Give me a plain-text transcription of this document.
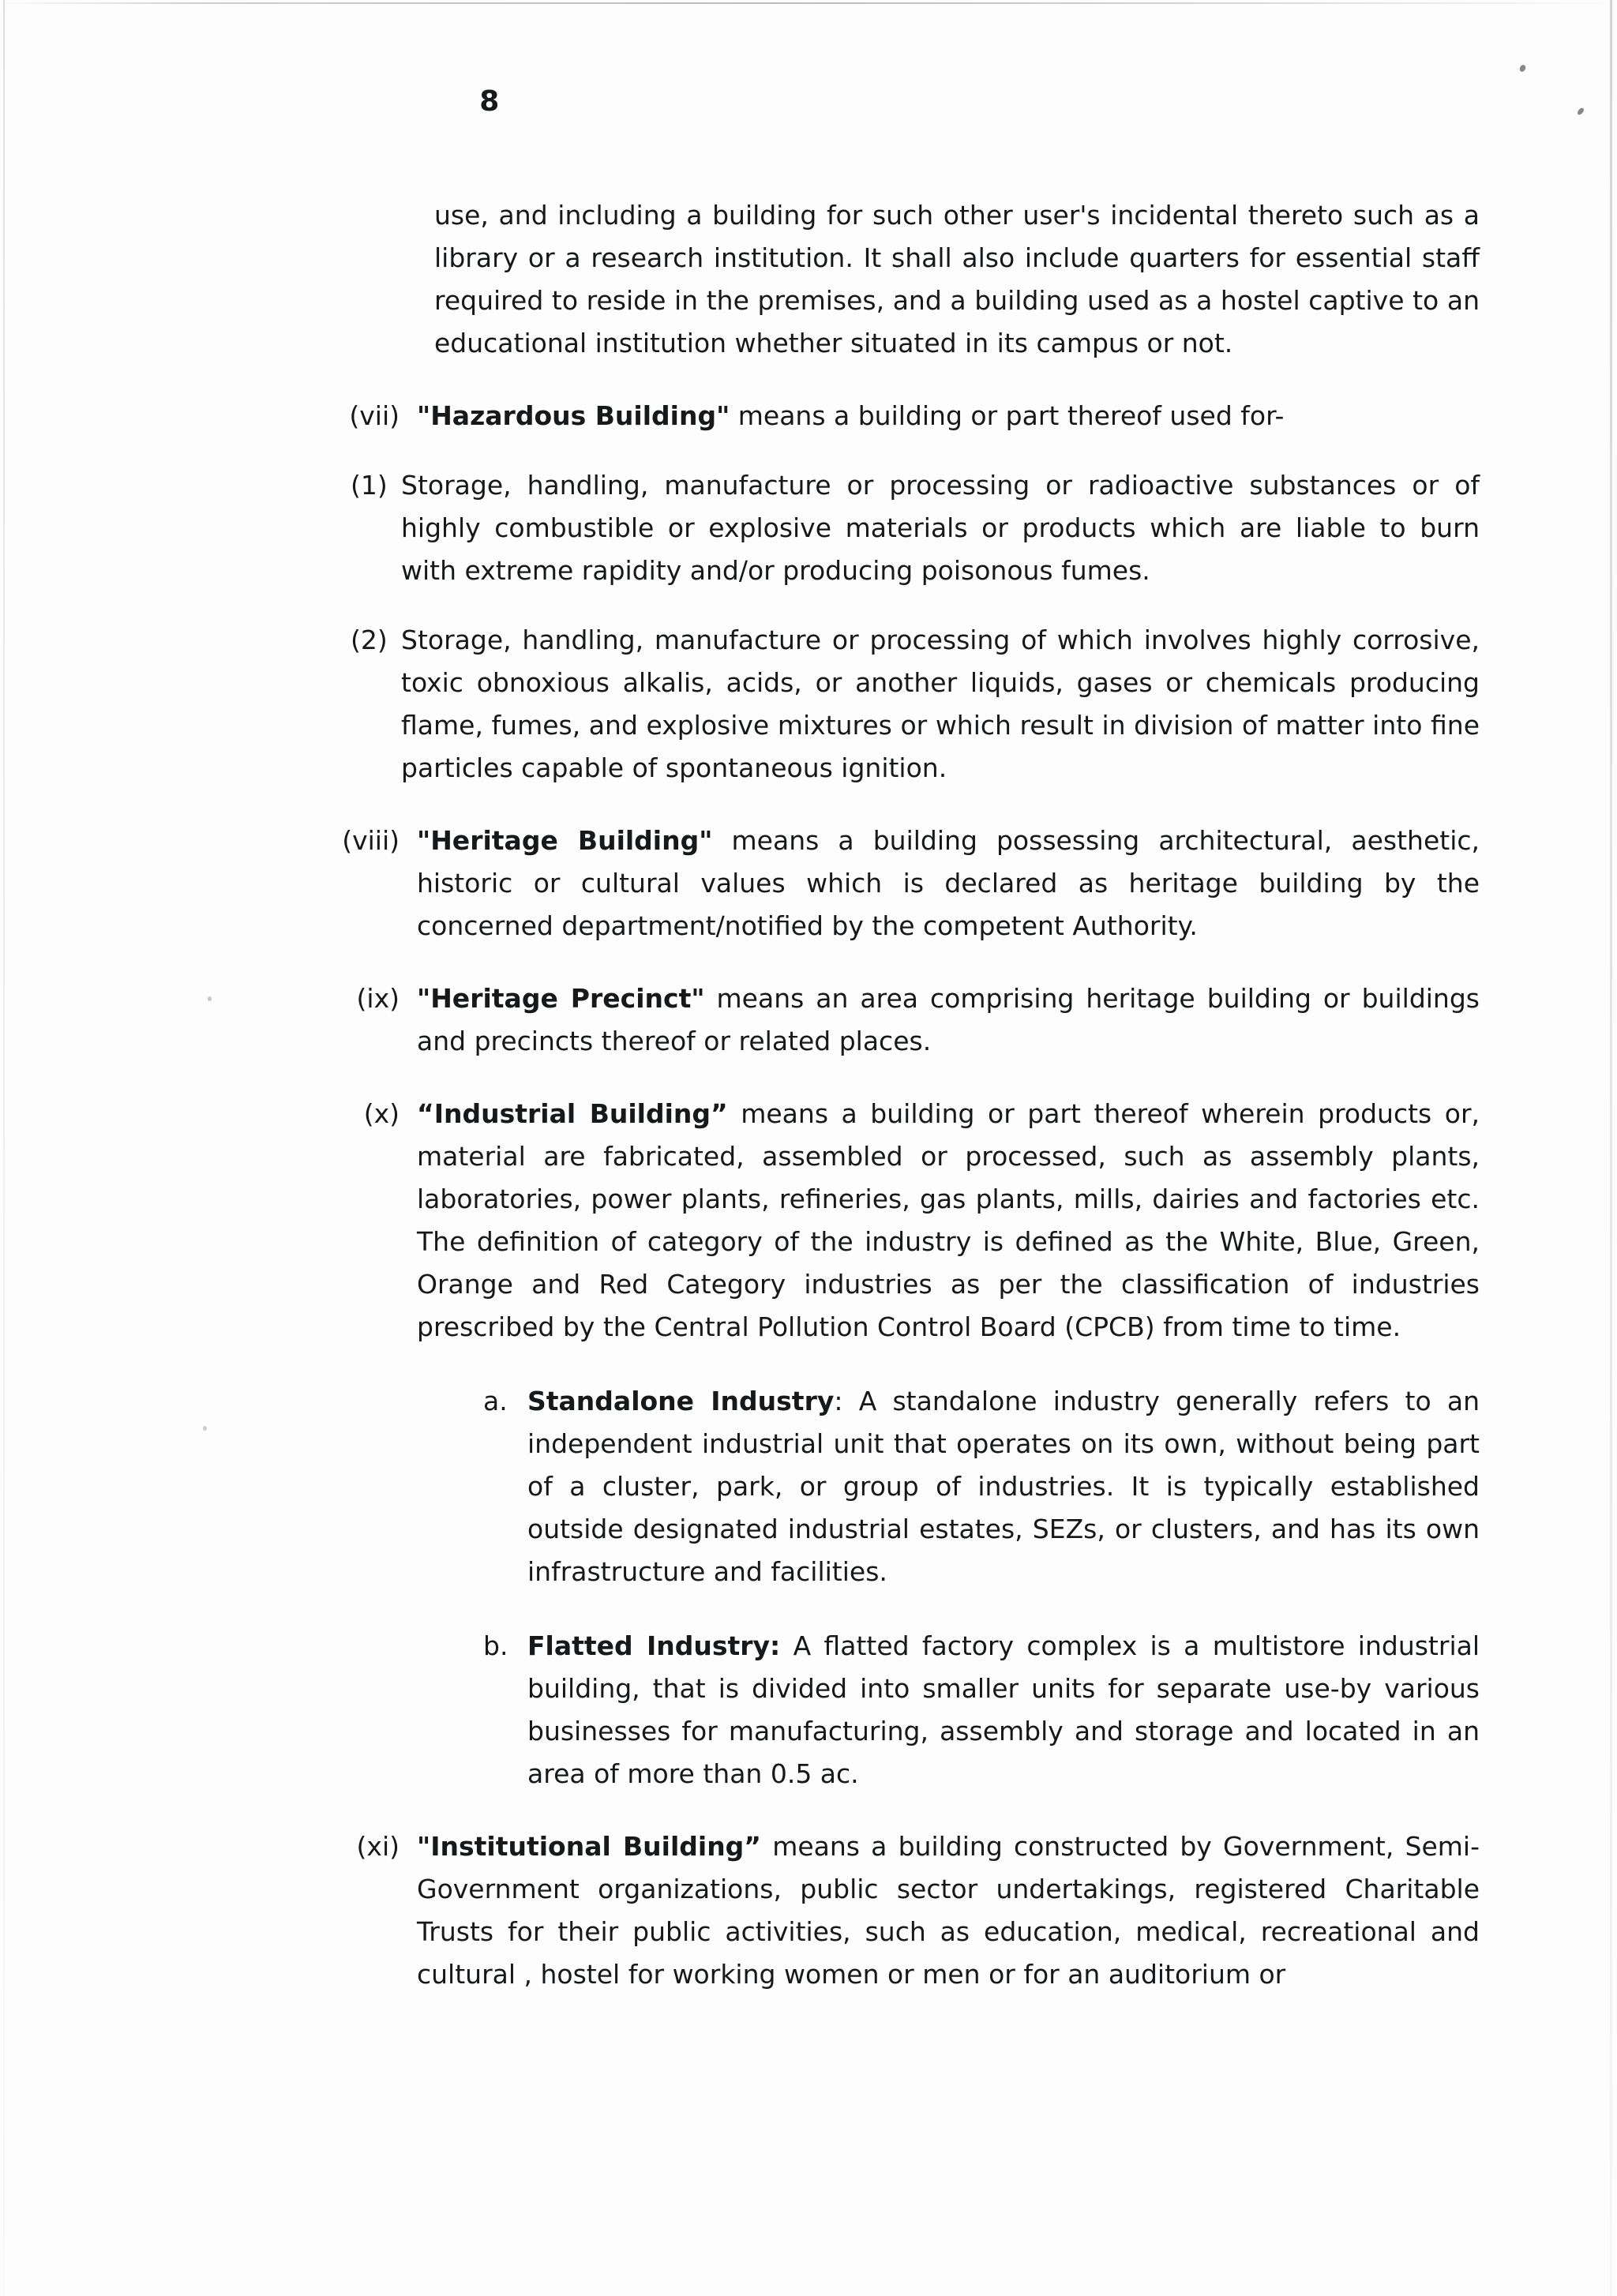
8

use, and including a building for such other user's incidental thereto such as a library or a research institution. It shall also include quarters for essential staff required to reside in the premises, and a building used as a hostel captive to an educational institution whether situated in its campus or not.

(vii) "Hazardous Building" means a building or part thereof used for-

(1) Storage, handling, manufacture or processing or radioactive substances or of highly combustible or explosive materials or products which are liable to burn with extreme rapidity and/or producing poisonous fumes.

(2) Storage, handling, manufacture or processing of which involves highly corrosive, toxic obnoxious alkalis, acids, or another liquids, gases or chemicals producing flame, fumes, and explosive mixtures or which result in division of matter into fine particles capable of spontaneous ignition.

(viii) "Heritage Building" means a building possessing architectural, aesthetic, historic or cultural values which is declared as heritage building by the concerned department/notified by the competent Authority.

(ix) "Heritage Precinct" means an area comprising heritage building or buildings and precincts thereof or related places.

(x) “Industrial Building” means a building or part thereof wherein products or, material are fabricated, assembled or processed, such as assembly plants, laboratories, power plants, refineries, gas plants, mills, dairies and factories etc. The definition of category of the industry is defined as the White, Blue, Green, Orange and Red Category industries as per the classification of industries prescribed by the Central Pollution Control Board (CPCB) from time to time.

a. Standalone Industry: A standalone industry generally refers to an independent industrial unit that operates on its own, without being part of a cluster, park, or group of industries. It is typically established outside designated industrial estates, SEZs, or clusters, and has its own infrastructure and facilities.

b. Flatted Industry: A flatted factory complex is a multistore industrial building, that is divided into smaller units for separate use-by various businesses for manufacturing, assembly and storage and located in an area of more than 0.5 ac.

(xi) "Institutional Building” means a building constructed by Government, Semi-Government organizations, public sector undertakings, registered Charitable Trusts for their public activities, such as education, medical, recreational and cultural , hostel for working women or men or for an auditorium or
